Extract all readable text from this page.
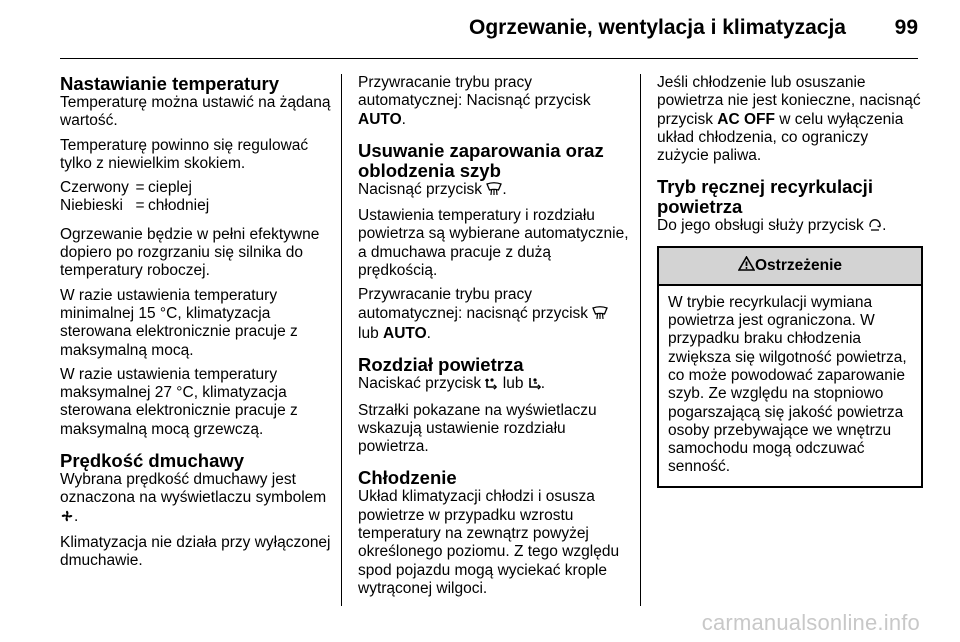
Ogrzewanie, wentylacja i klimatyzacja 99
Nastawianie temperatury

Temperaturę można ustawić na żądaną wartość.

Temperaturę powinno się regulować tylko z niewielkim skokiem.

Czerwony	=	cieplej
Niebieski	=	chłodniej

Ogrzewanie będzie w pełni efektywne dopiero po rozgrzaniu się silnika do temperatury roboczej.

W razie ustawienia temperatury minimalnej 15 °C, klimatyzacja sterowana elektronicznie pracuje z maksymalną mocą.

W razie ustawienia temperatury maksymalnej 27 °C, klimatyzacja sterowana elektronicznie pracuje z maksymalną mocą grzewczą.

Prędkość dmuchawy

Wybrana prędkość dmuchawy jest oznaczona na wyświetlaczu symbolem .

Klimatyzacja nie działa przy wyłączonej dmuchawie.

Przywracanie trybu pracy automatycznej: Nacisnąć przycisk AUTO.

Usuwanie zaparowania oraz oblodzenia szyb

Nacisnąć przycisk .

Ustawienia temperatury i rozdziału powietrza są wybierane automatycznie, a dmuchawa pracuje z dużą prędkością.

Przywracanie trybu pracy automatycznej: nacisnąć przycisk  lub AUTO.

Rozdział powietrza

Naciskać przycisk lub .

Strzałki pokazane na wyświetlaczu wskazują ustawienie rozdziału powietrza.

Chłodzenie

Układ klimatyzacji chłodzi i osusza powietrze w przypadku wzrostu temperatury na zewnątrz powyżej określonego poziomu. Z tego względu spod pojazdu mogą wyciekać krople wytrąconej wilgoci.

Jeśli chłodzenie lub osuszanie powietrza nie jest konieczne, nacisnąć przycisk AC OFF w celu wyłączenia układ chłodzenia, co ograniczy zużycie paliwa.

Tryb ręcznej recyrkulacji powietrza

Do jego obsługi służy przycisk .

Ostrzeżenie
W trybie recyrkulacji wymiana powietrza jest ograniczona. W przypadku braku chłodzenia zwiększa się wilgotność powietrza, co może powodować zaparowanie szyb. Ze względu na stopniowo pogarszającą się jakość powietrza osoby przebywające we wnętrzu samochodu mogą odczuwać senność.
carmanualsonline.info
